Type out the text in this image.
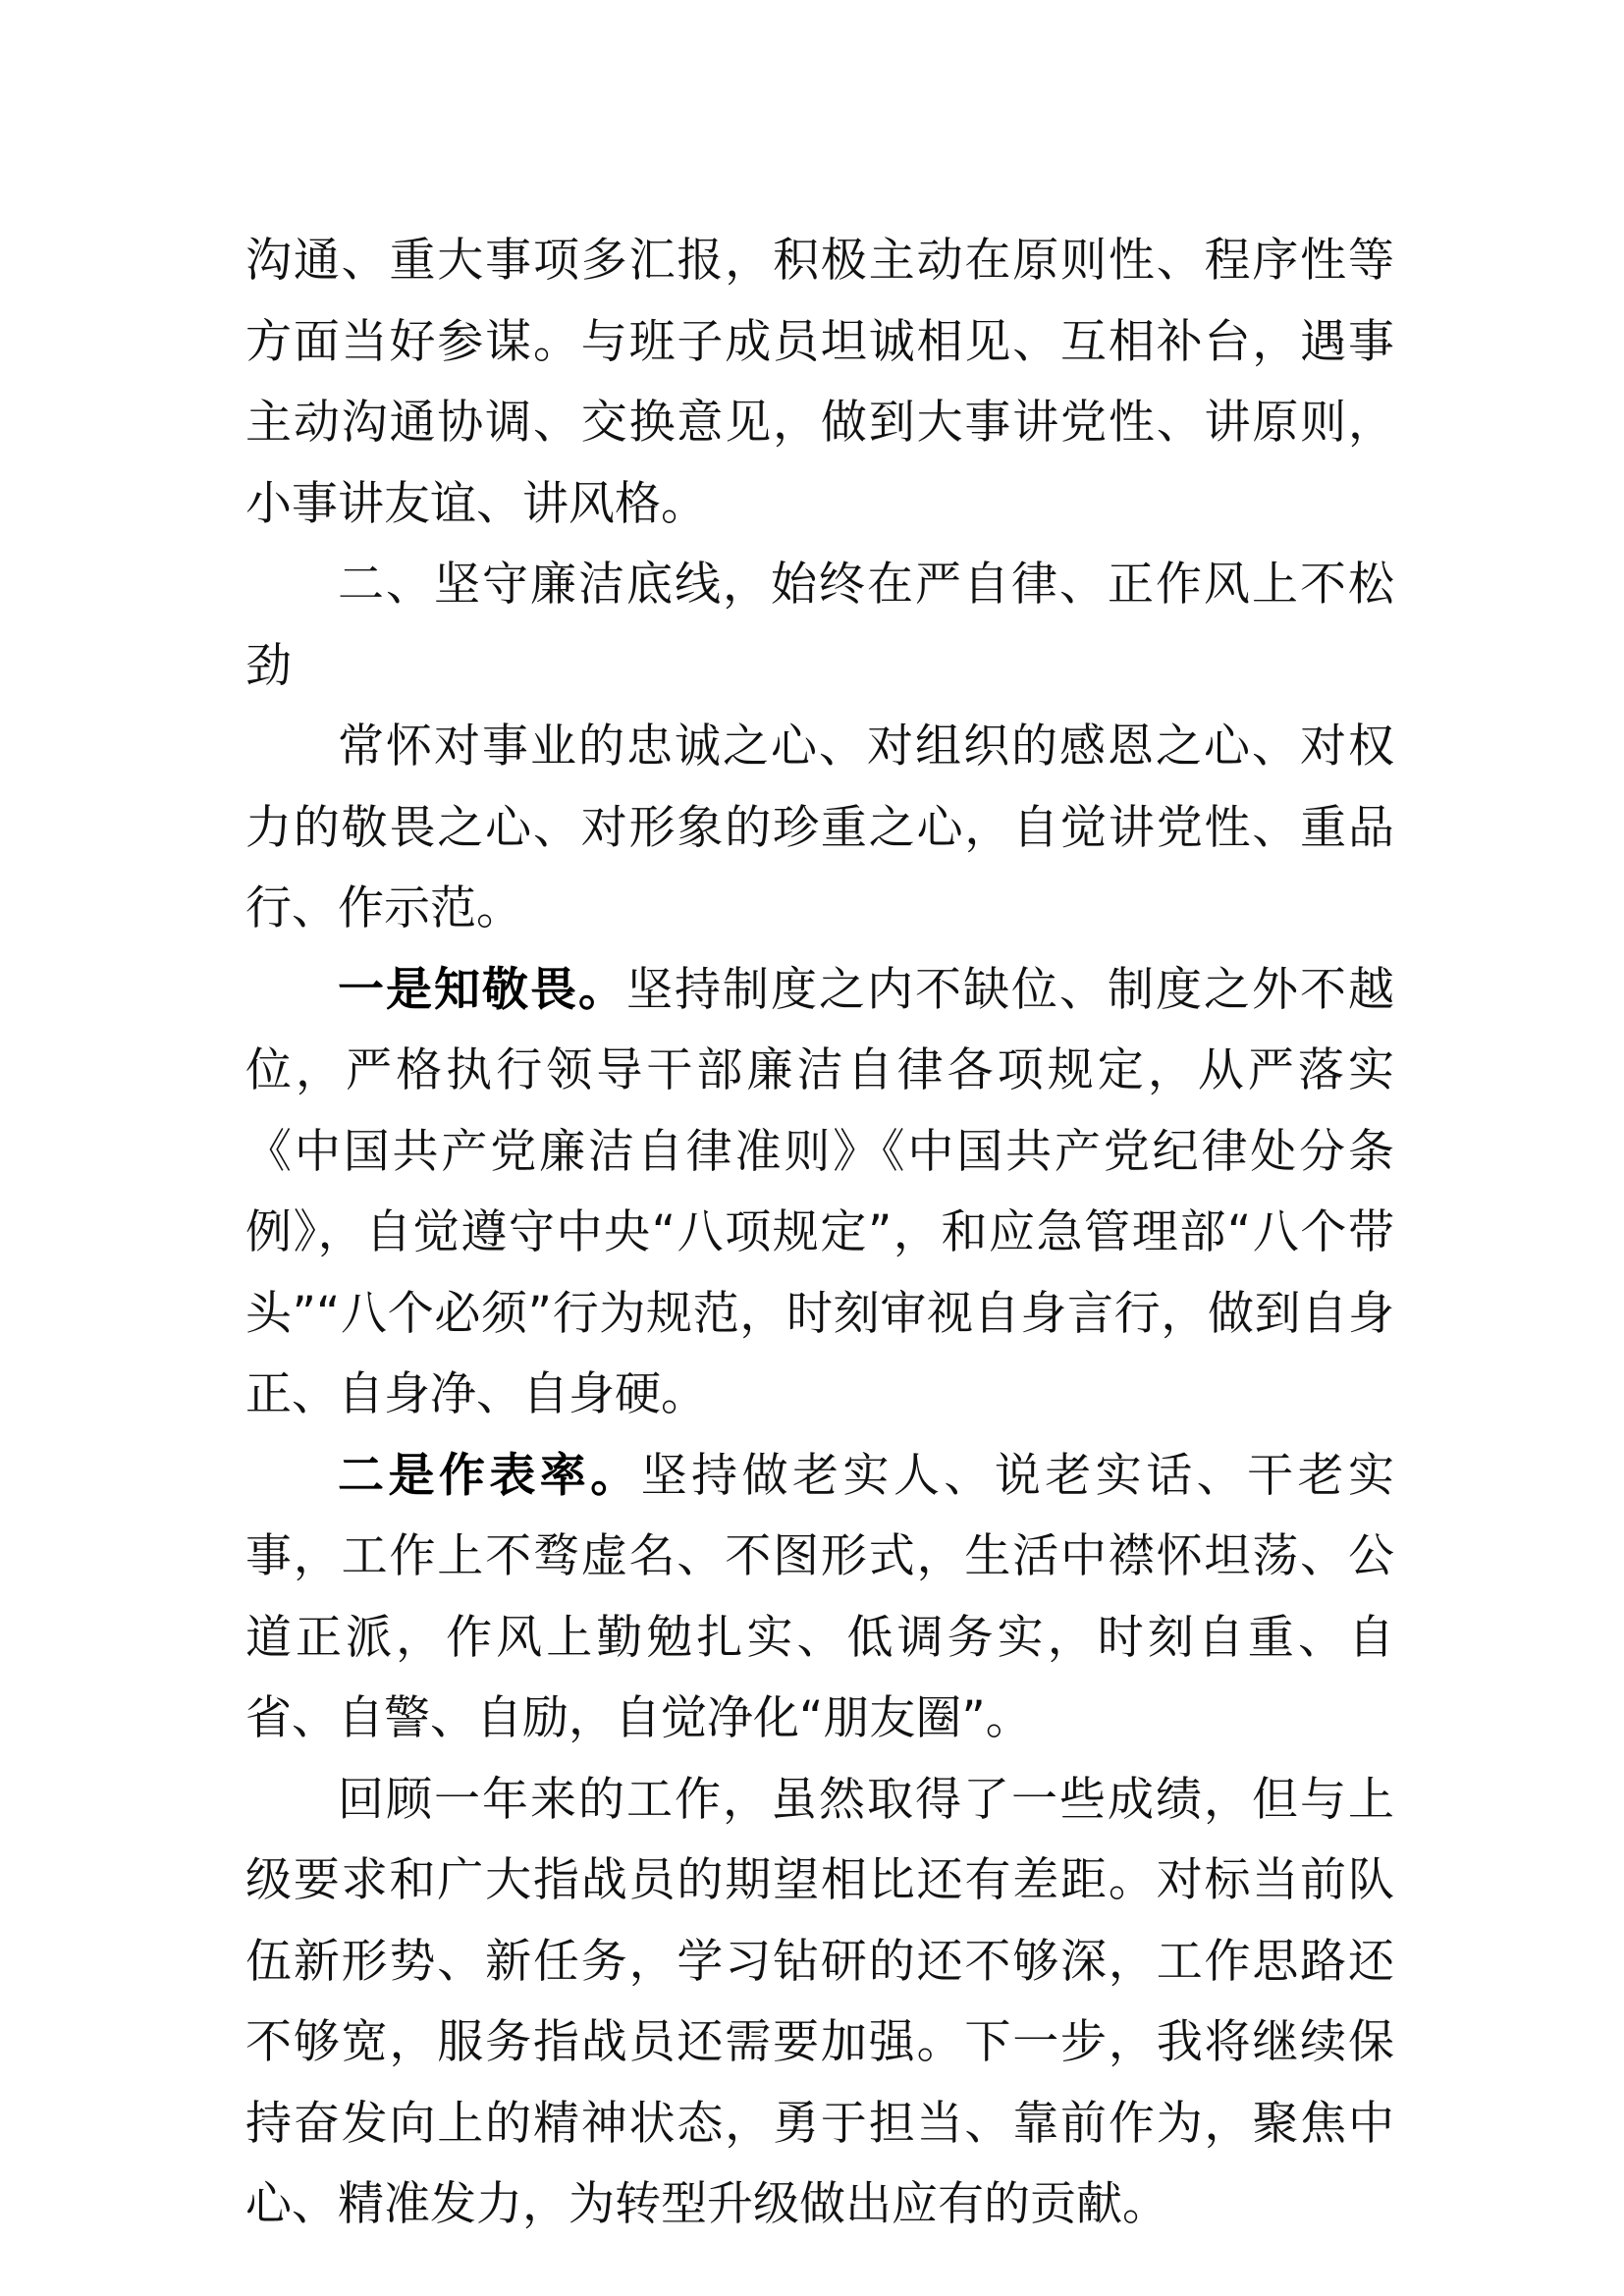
沟通、重大事项多汇报，积极主动在原则性、程序性等方面当好参谋。与班子成员坦诚相见、互相补台，遇事主动沟通协调、交换意见，做到大事讲党性、讲原则，小事讲友谊、讲风格。

二、坚守廉洁底线，始终在严自律、正作风上不松劲

常怀对事业的忠诚之心、对组织的感恩之心、对权力的敬畏之心、对形象的珍重之心，自觉讲党性、重品行、作示范。

一是知敬畏。坚持制度之内不缺位、制度之外不越位，严格执行领导干部廉洁自律各项规定，从严落实《中国共产党廉洁自律准则》《中国共产党纪律处分条例》，自觉遵守中央“八项规定”，和应急管理部“八个带头”“八个必须”行为规范，时刻审视自身言行，做到自身正、自身净、自身硬。

二是作表率。坚持做老实人、说老实话、干老实事，工作上不骛虚名、不图形式，生活中襟怀坦荡、公道正派，作风上勤勉扎实、低调务实，时刻自重、自省、自警、自励，自觉净化“朋友圈”。

回顾一年来的工作，虽然取得了一些成绩，但与上级要求和广大指战员的期望相比还有差距。对标当前队伍新形势、新任务，学习钻研的还不够深，工作思路还不够宽，服务指战员还需要加强。下一步，我将继续保持奋发向上的精神状态，勇于担当、靠前作为，聚焦中心、精准发力，为转型升级做出应有的贡献。
